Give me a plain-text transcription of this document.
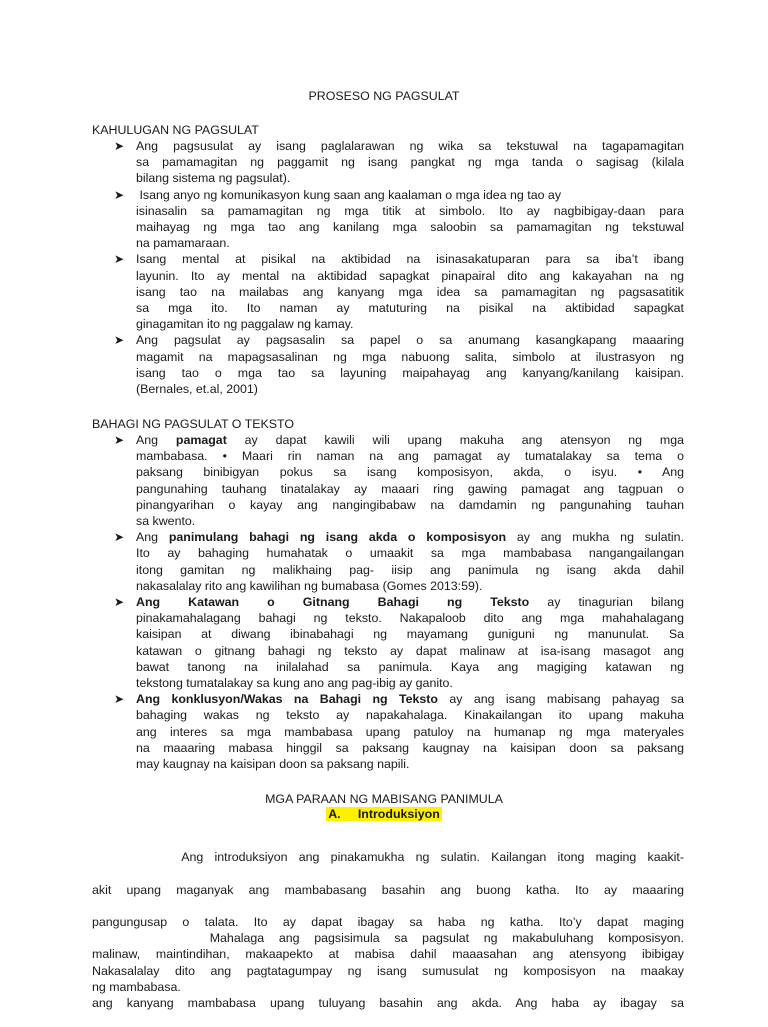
PROSESO NG PAGSULAT
KAHULUGAN NG PAGSULAT
➤ Ang pagsusulat ay isang paglalarawan ng wika sa tekstuwal na tagapamagitan
sa pamamagitan ng paggamit ng isang pangkat ng mga tanda o sagisag (kilala
bilang sistema ng pagsulat).
➤ Isang anyo ng komunikasyon kung saan ang kaalaman o mga idea ng tao ay
isinasalin sa pamamagitan ng mga titik at simbolo. Ito ay nagbibigay-daan para
maihayag ng mga tao ang kanilang mga saloobin sa pamamagitan ng tekstuwal
na pamamaraan.
➤ Isang mental at pisikal na aktibidad na isinasakatuparan para sa iba’t ibang
layunin. Ito ay mental na aktibidad sapagkat pinapairal dito ang kakayahan na ng
isang tao na mailabas ang kanyang mga idea sa pamamagitan ng pagsasatitik
sa mga ito. Ito naman ay matuturing na pisikal na aktibidad sapagkat
ginagamitan ito ng paggalaw ng kamay.
➤ Ang pagsulat ay pagsasalin sa papel o sa anumang kasangkapang maaaring
magamit na mapagsasalinan ng mga nabuong salita, simbolo at ilustrasyon ng
isang tao o mga tao sa layuning maipahayag ang kanyang/kanilang kaisipan.
(Bernales, et.al, 2001)
BAHAGI NG PAGSULAT O TEKSTO
➤ Ang pamagat ay dapat kawili wili upang makuha ang atensyon ng mga
mambabasa. • Maari rin naman na ang pamagat ay tumatalakay sa tema o
paksang binibigyan pokus sa isang komposisyon, akda, o isyu. • Ang
pangunahing tauhang tinatalakay ay maaari ring gawing pamagat ang tagpuan o
pinangyarihan o kayay ang nangingibabaw na damdamin ng pangunahing tauhan
sa kwento.
➤ Ang panimulang bahagi ng isang akda o komposisyon ay ang mukha ng sulatin.
Ito ay bahaging humahatak o umaakit sa mga mambabasa nangangailangan
itong gamitan ng malikhaing pag- iisip ang panimula ng isang akda dahil
nakasalalay rito ang kawilihan ng bumabasa (Gomes 2013:59).
➤ Ang Katawan o Gitnang Bahagi ng Teksto ay tinagurian bilang
pinakamahalagang bahagi ng teksto. Nakapaloob dito ang mga mahahalagang
kaisipan at diwang ibinabahagi ng mayamang guniguni ng manunulat. Sa
katawan o gitnang bahagi ng teksto ay dapat malinaw at isa-isang masagot ang
bawat tanong na inilalahad sa panimula. Kaya ang magiging katawan ng
tekstong tumatalakay sa kung ano ang pag-ibig ay ganito.
➤ Ang konklusyon/Wakas na Bahagi ng Teksto ay ang isang mabisang pahayag sa
bahaging wakas ng teksto ay napakahalaga. Kinakailangan ito upang makuha
ang interes sa mga mambabasa upang patuloy na humanap ng mga materyales
na maaaring mabasa hinggil sa paksang kaugnay na kaisipan doon sa paksang
may kaugnay na kaisipan doon sa paksang napili.
MGA PARAAN NG MABISANG PANIMULA
A. Introduksiyon

Ang introduksiyon ang pinakamukha ng sulatin. Kailangan itong maging kaakit-

akit upang maganyak ang mambabasang basahin ang buong katha. Ito ay maaaring

pangungusap o talata. Ito ay dapat ibagay sa haba ng katha. Ito’y dapat maging

malinaw, maintindihan, makaapekto at mabisa dahil maaasahan ang atensyong ibibigay

ng mambabasa.

Mahalaga ang pagsisimula sa pagsulat ng makabuluhang komposisyon.

Nakasalalay dito ang pagtatagumpay ng isang sumusulat ng komposisyon na maakay

ang kanyang mambabasa upang tuluyang basahin ang akda. Ang haba ay ibagay sa
